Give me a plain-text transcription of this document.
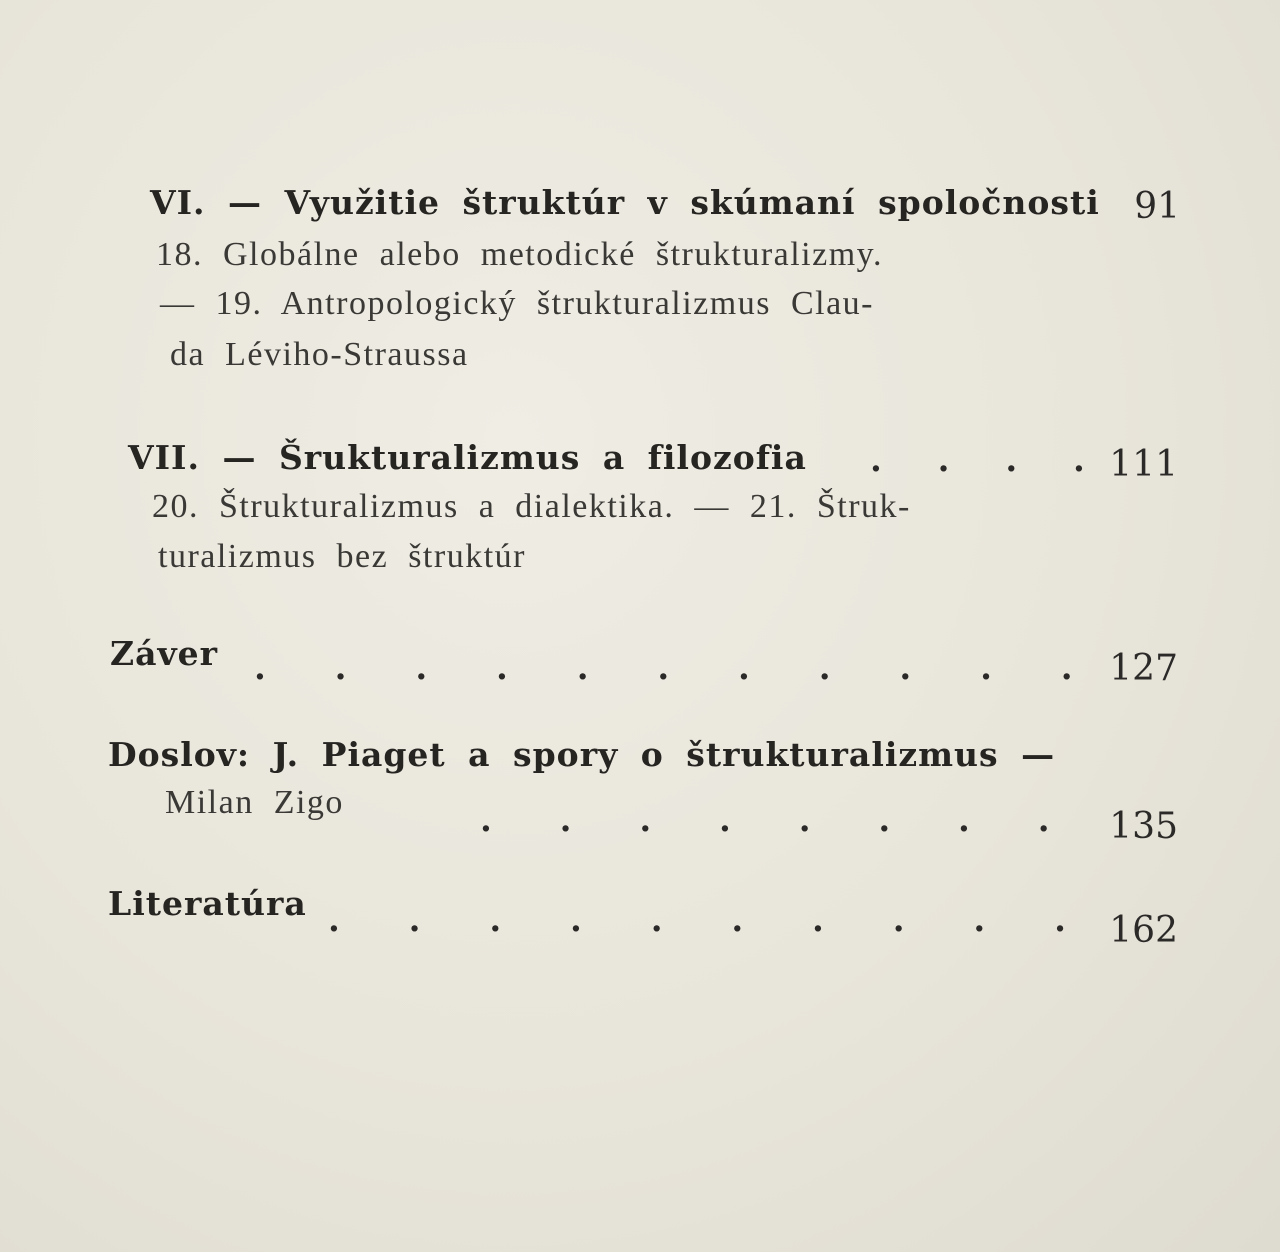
VI. — Využitie štruktúr v skúmaní spoločnosti 91
18. Globálne alebo metodické štrukturalizmy.
— 19. Antropologický štrukturalizmus Clau-
da Léviho-Straussa
VII. — Šrukturalizmus a filozofia . . . . 111
20. Štrukturalizmus a dialektika. — 21. Štruk-
turalizmus bez štruktúr
Záver . . . . . . . . . . .	127
Doslov: J. Piaget a spory o štrukturalizmus —
Milan Zigo	. . . . . . . .	135
Literatúra . . . . . . . . . .	162
